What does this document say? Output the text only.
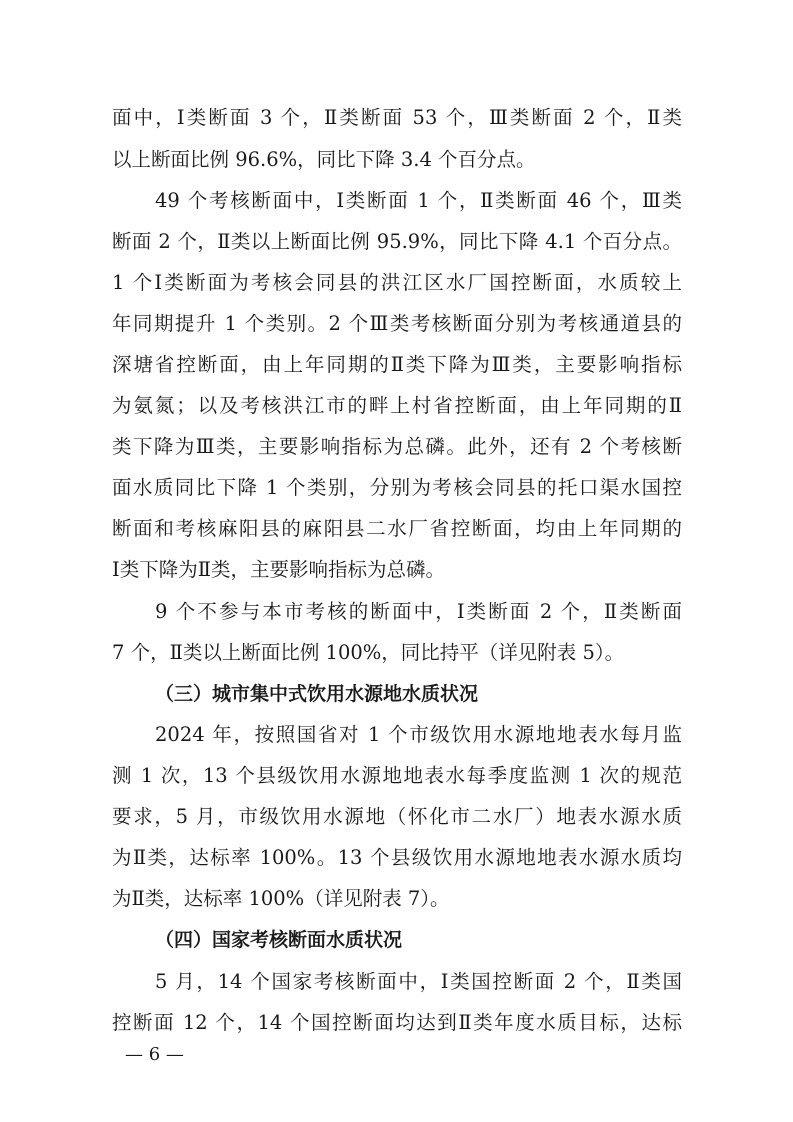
面中，Ⅰ类断面 3 个，Ⅱ类断面 53 个，Ⅲ类断面 2 个，Ⅱ类
以上断面比例 96.6%，同比下降 3.4 个百分点。
49 个考核断面中，Ⅰ类断面 1 个，Ⅱ类断面 46 个，Ⅲ类
断面 2 个，Ⅱ类以上断面比例 95.9%，同比下降 4.1 个百分点。
1 个Ⅰ类断面为考核会同县的洪江区水厂国控断面，水质较上
年同期提升 1 个类别。2 个Ⅲ类考核断面分别为考核通道县的
深塘省控断面，由上年同期的Ⅱ类下降为Ⅲ类，主要影响指标
为氨氮；以及考核洪江市的畔上村省控断面，由上年同期的Ⅱ
类下降为Ⅲ类，主要影响指标为总磷。此外，还有 2 个考核断
面水质同比下降 1 个类别，分别为考核会同县的托口渠水国控
断面和考核麻阳县的麻阳县二水厂省控断面，均由上年同期的
Ⅰ类下降为Ⅱ类，主要影响指标为总磷。
9 个不参与本市考核的断面中，Ⅰ类断面 2 个，Ⅱ类断面
7 个，Ⅱ类以上断面比例 100%，同比持平（详见附表 5）。
（三）城市集中式饮用水源地水质状况
2024 年，按照国省对 1 个市级饮用水源地地表水每月监
测 1 次，13 个县级饮用水源地地表水每季度监测 1 次的规范
要求，5 月，市级饮用水源地（怀化市二水厂）地表水源水质
为Ⅱ类，达标率 100%。13 个县级饮用水源地地表水源水质均
为Ⅱ类，达标率 100%（详见附表 7）。
（四）国家考核断面水质状况
5 月，14 个国家考核断面中，Ⅰ类国控断面 2 个，Ⅱ类国
控断面 12 个，14 个国控断面均达到Ⅱ类年度水质目标，达标
— 6 —
